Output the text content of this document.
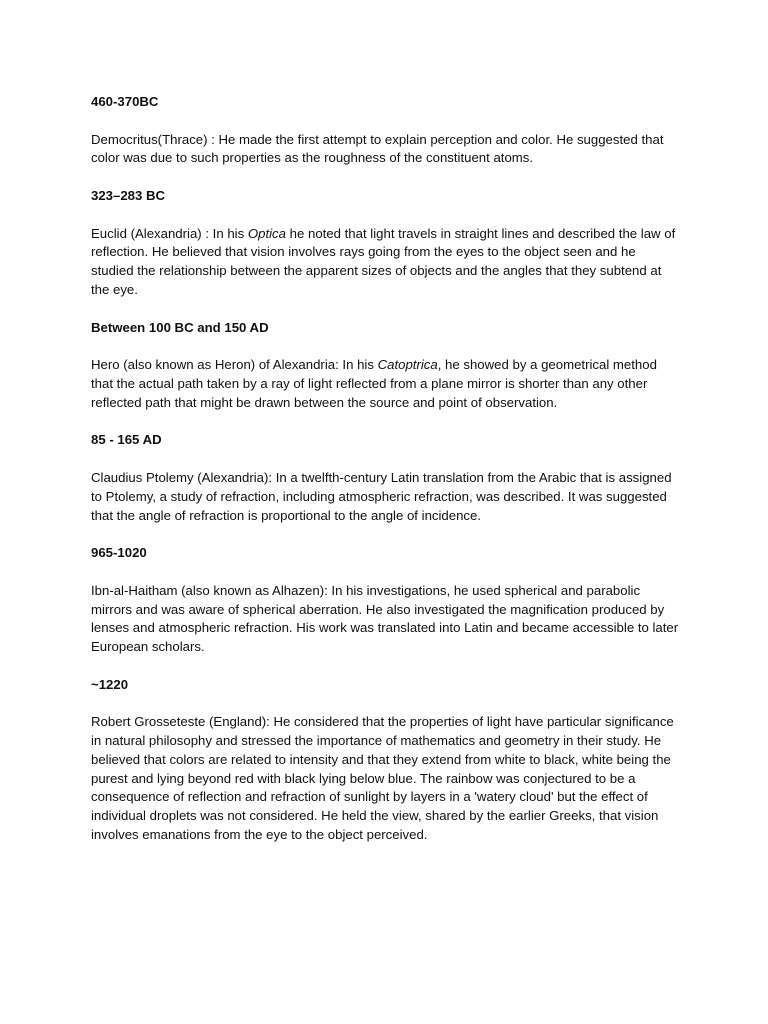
460-370BC
Democritus(Thrace) : He made the first attempt to explain perception and color. He suggested that color was due to such properties as the roughness of the constituent atoms.
323–283 BC
Euclid (Alexandria) : In his Optica he noted that light travels in straight lines and described the law of reflection. He believed that vision involves rays going from the eyes to the object seen and he studied the relationship between the apparent sizes of objects and the angles that they subtend at the eye.
Between 100 BC and 150 AD
Hero (also known as Heron) of Alexandria: In his Catoptrica, he showed by a geometrical method that the actual path taken by a ray of light reflected from a plane mirror is shorter than any other reflected path that might be drawn between the source and point of observation.
85 - 165 AD
Claudius Ptolemy (Alexandria): In a twelfth-century Latin translation from the Arabic that is assigned to Ptolemy, a study of refraction, including atmospheric refraction, was described. It was suggested that the angle of refraction is proportional to the angle of incidence.
965-1020
Ibn-al-Haitham (also known as Alhazen): In his investigations, he used spherical and parabolic mirrors and was aware of spherical aberration. He also investigated the magnification produced by lenses and atmospheric refraction. His work was translated into Latin and became accessible to later European scholars.
~1220
Robert Grosseteste (England): He considered that the properties of light have particular significance in natural philosophy and stressed the importance of mathematics and geometry in their study. He believed that colors are related to intensity and that they extend from white to black, white being the purest and lying beyond red with black lying below blue. The rainbow was conjectured to be a consequence of reflection and refraction of sunlight by layers in a 'watery cloud' but the effect of individual droplets was not considered. He held the view, shared by the earlier Greeks, that vision involves emanations from the eye to the object perceived.
